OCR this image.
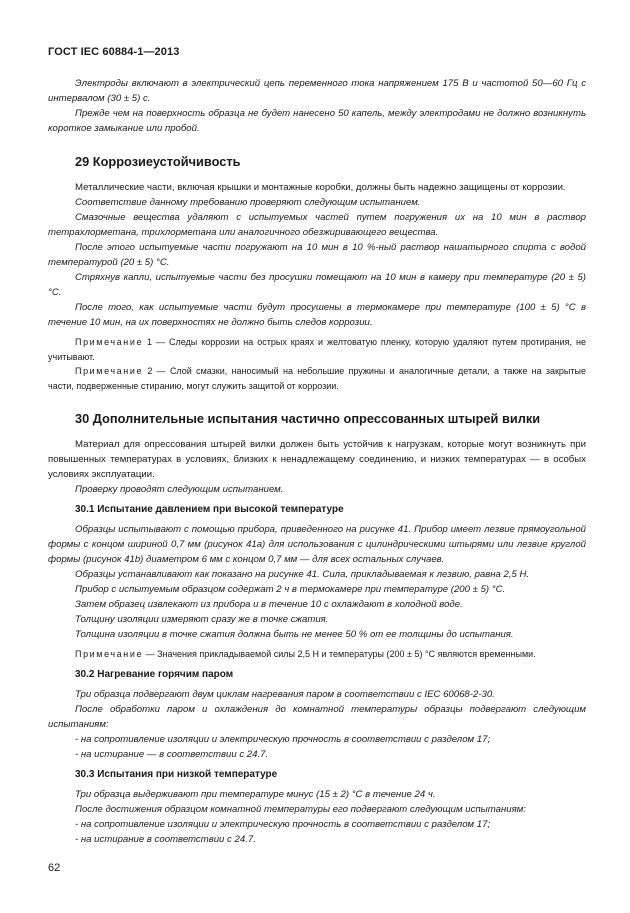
ГОСТ IEC 60884-1—2013

Электроды включают в электрический цепь переменного тока напряжением 175 В и частотой 50—60 Гц с интервалом (30 ± 5) с.

Прежде чем на поверхность образца не будет нанесено 50 капель, между электродами не должно возникнуть короткое замыкание или пробой.

29 Коррозиеустойчивость

Металлические части, включая крышки и монтажные коробки, должны быть надежно защищены от коррозии.

Соответствие данному требованию проверяют следующим испытанием.

Смазочные вещества удаляют с испытуемых частей путем погружения их на 10 мин в раствор тетрахлорметана, трихлорметана или аналогичного обезжиривающего вещества.

После этого испытуемые части погружают на 10 мин в 10 %-ный раствор нашатырного спирта с водой температурой (20 ± 5) °С.

Стряхнув капли, испытуемые части без просушки помещают на 10 мин в камеру при температуре (20 ± 5) °С.

После того, как испытуемые части будут просушены в термокамере при температуре (100 ± 5) °С в течение 10 мин, на их поверхностях не должно быть следов коррозии.

Примечание 1 — Следы коррозии на острых краях и желтоватую пленку, которую удаляют путем протирания, не учитывают.

Примечание 2 — Слой смазки, наносимый на небольшие пружины и аналогичные детали, а также на закрытые части, подверженные стиранию, могут служить защитой от коррозии.

30 Дополнительные испытания частично опрессованных штырей вилки

Материал для опрессования штырей вилки должен быть устойчив к нагрузкам, которые могут возникнуть при повышенных температурах в условиях, близких к ненадлежащему соединению, и низких температурах — в особых условиях эксплуатации.

Проверку проводят следующим испытанием.

30.1 Испытание давлением при высокой температуре

Образцы испытывают с помощью прибора, приведенного на рисунке 41. Прибор имеет лезвие прямоугольной формы с концом шириной 0,7 мм (рисунок 41а) для использования с цилиндрическими штырями или лезвие круглой формы (рисунок 41b) диаметром 6 мм с концом 0,7 мм — для всех остальных случаев.

Образцы устанавливают как показано на рисунке 41. Сила, прикладываемая к лезвию, равна 2,5 Н.

Прибор с испытуемым образцом содержат 2 ч в термокамере при температуре (200 ± 5) °С.

Затем образец извлекают из прибора и в течение 10 с охлаждают в холодной воде.

Толщину изоляции измеряют сразу же в точке сжатия.

Толщина изоляции в точке сжатия должна быть не менее 50 % от ее толщины до испытания.

Примечание — Значения прикладываемой силы 2,5 Н и температуры (200 ± 5) °С являются временными.

30.2 Нагревание горячим паром

Три образца подвергают двум циклам нагревания паром в соответствии с IEC 60068-2-30.

После обработки паром и охлаждения до комнатной температуры образцы подвергают следующим испытаниям:

- на сопротивление изоляции и электрическую прочность в соответствии с разделом 17;

- на истирание — в соответствии с 24.7.

30.3 Испытания при низкой температуре

Три образца выдерживают при температуре минус (15 ± 2) °С в течение 24 ч.

После достижения образцом комнатной температуры его подвергают следующим испытаниям:

- на сопротивление изоляции и электрическую прочность в соответствии с разделом 17;

- на истирание в соответствии с 24.7.

62
